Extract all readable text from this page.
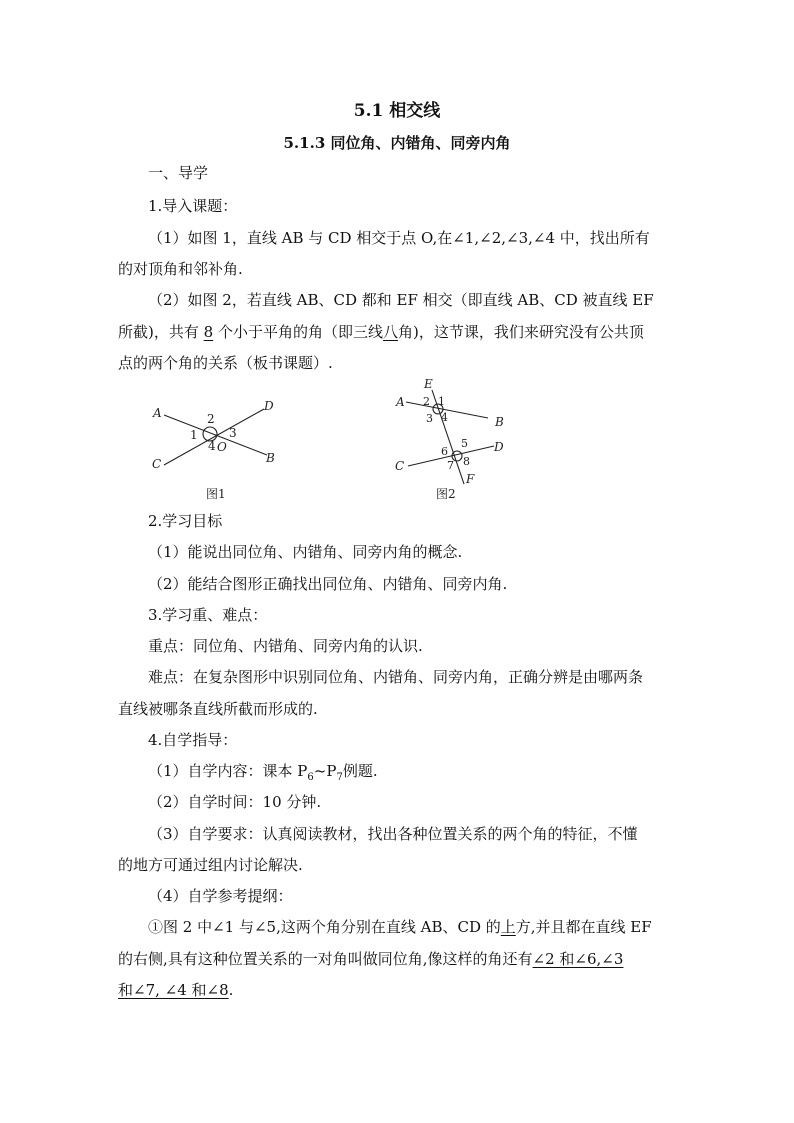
5.1 相交线
5.1.3 同位角、内错角、同旁内角
一、导学
1.导入课题：
（1）如图 1，直线 AB 与 CD 相交于点 O,在∠1,∠2,∠3,∠4 中，找出所有
的对顶角和邻补角.
（2）如图 2，若直线 AB、CD 都和 EF 相交（即直线 AB、CD 被直线 EF
所截)，共有 8 个小于平角的角（即三线八角)，这节课，我们来研究没有公共顶
点的两个角的关系（板书课题）.
A
B
C
D
O
1
2
3
4
图1
E
A
B
C
D
F
1
2
3 4
5
6
7 8
图2
2.学习目标
（1）能说出同位角、内错角、同旁内角的概念.
（2）能结合图形正确找出同位角、内错角、同旁内角.
3.学习重、难点：
重点：同位角、内错角、同旁内角的认识.
难点：在复杂图形中识别同位角、内错角、同旁内角，正确分辨是由哪两条
直线被哪条直线所截而形成的.
4.自学指导：
（1）自学内容：课本 $P_6\sim P_7$例题.
（2）自学时间：10 分钟.
（3）自学要求：认真阅读教材，找出各种位置关系的两个角的特征，不懂
的地方可通过组内讨论解决.
（4）自学参考提纲：
①图 2 中∠1 与∠5,这两个角分别在直线 AB、CD 的上方,并且都在直线 EF
的右侧,具有这种位置关系的一对角叫做同位角,像这样的角还有∠2 和∠6,∠3
和∠7, ∠4 和∠8.
